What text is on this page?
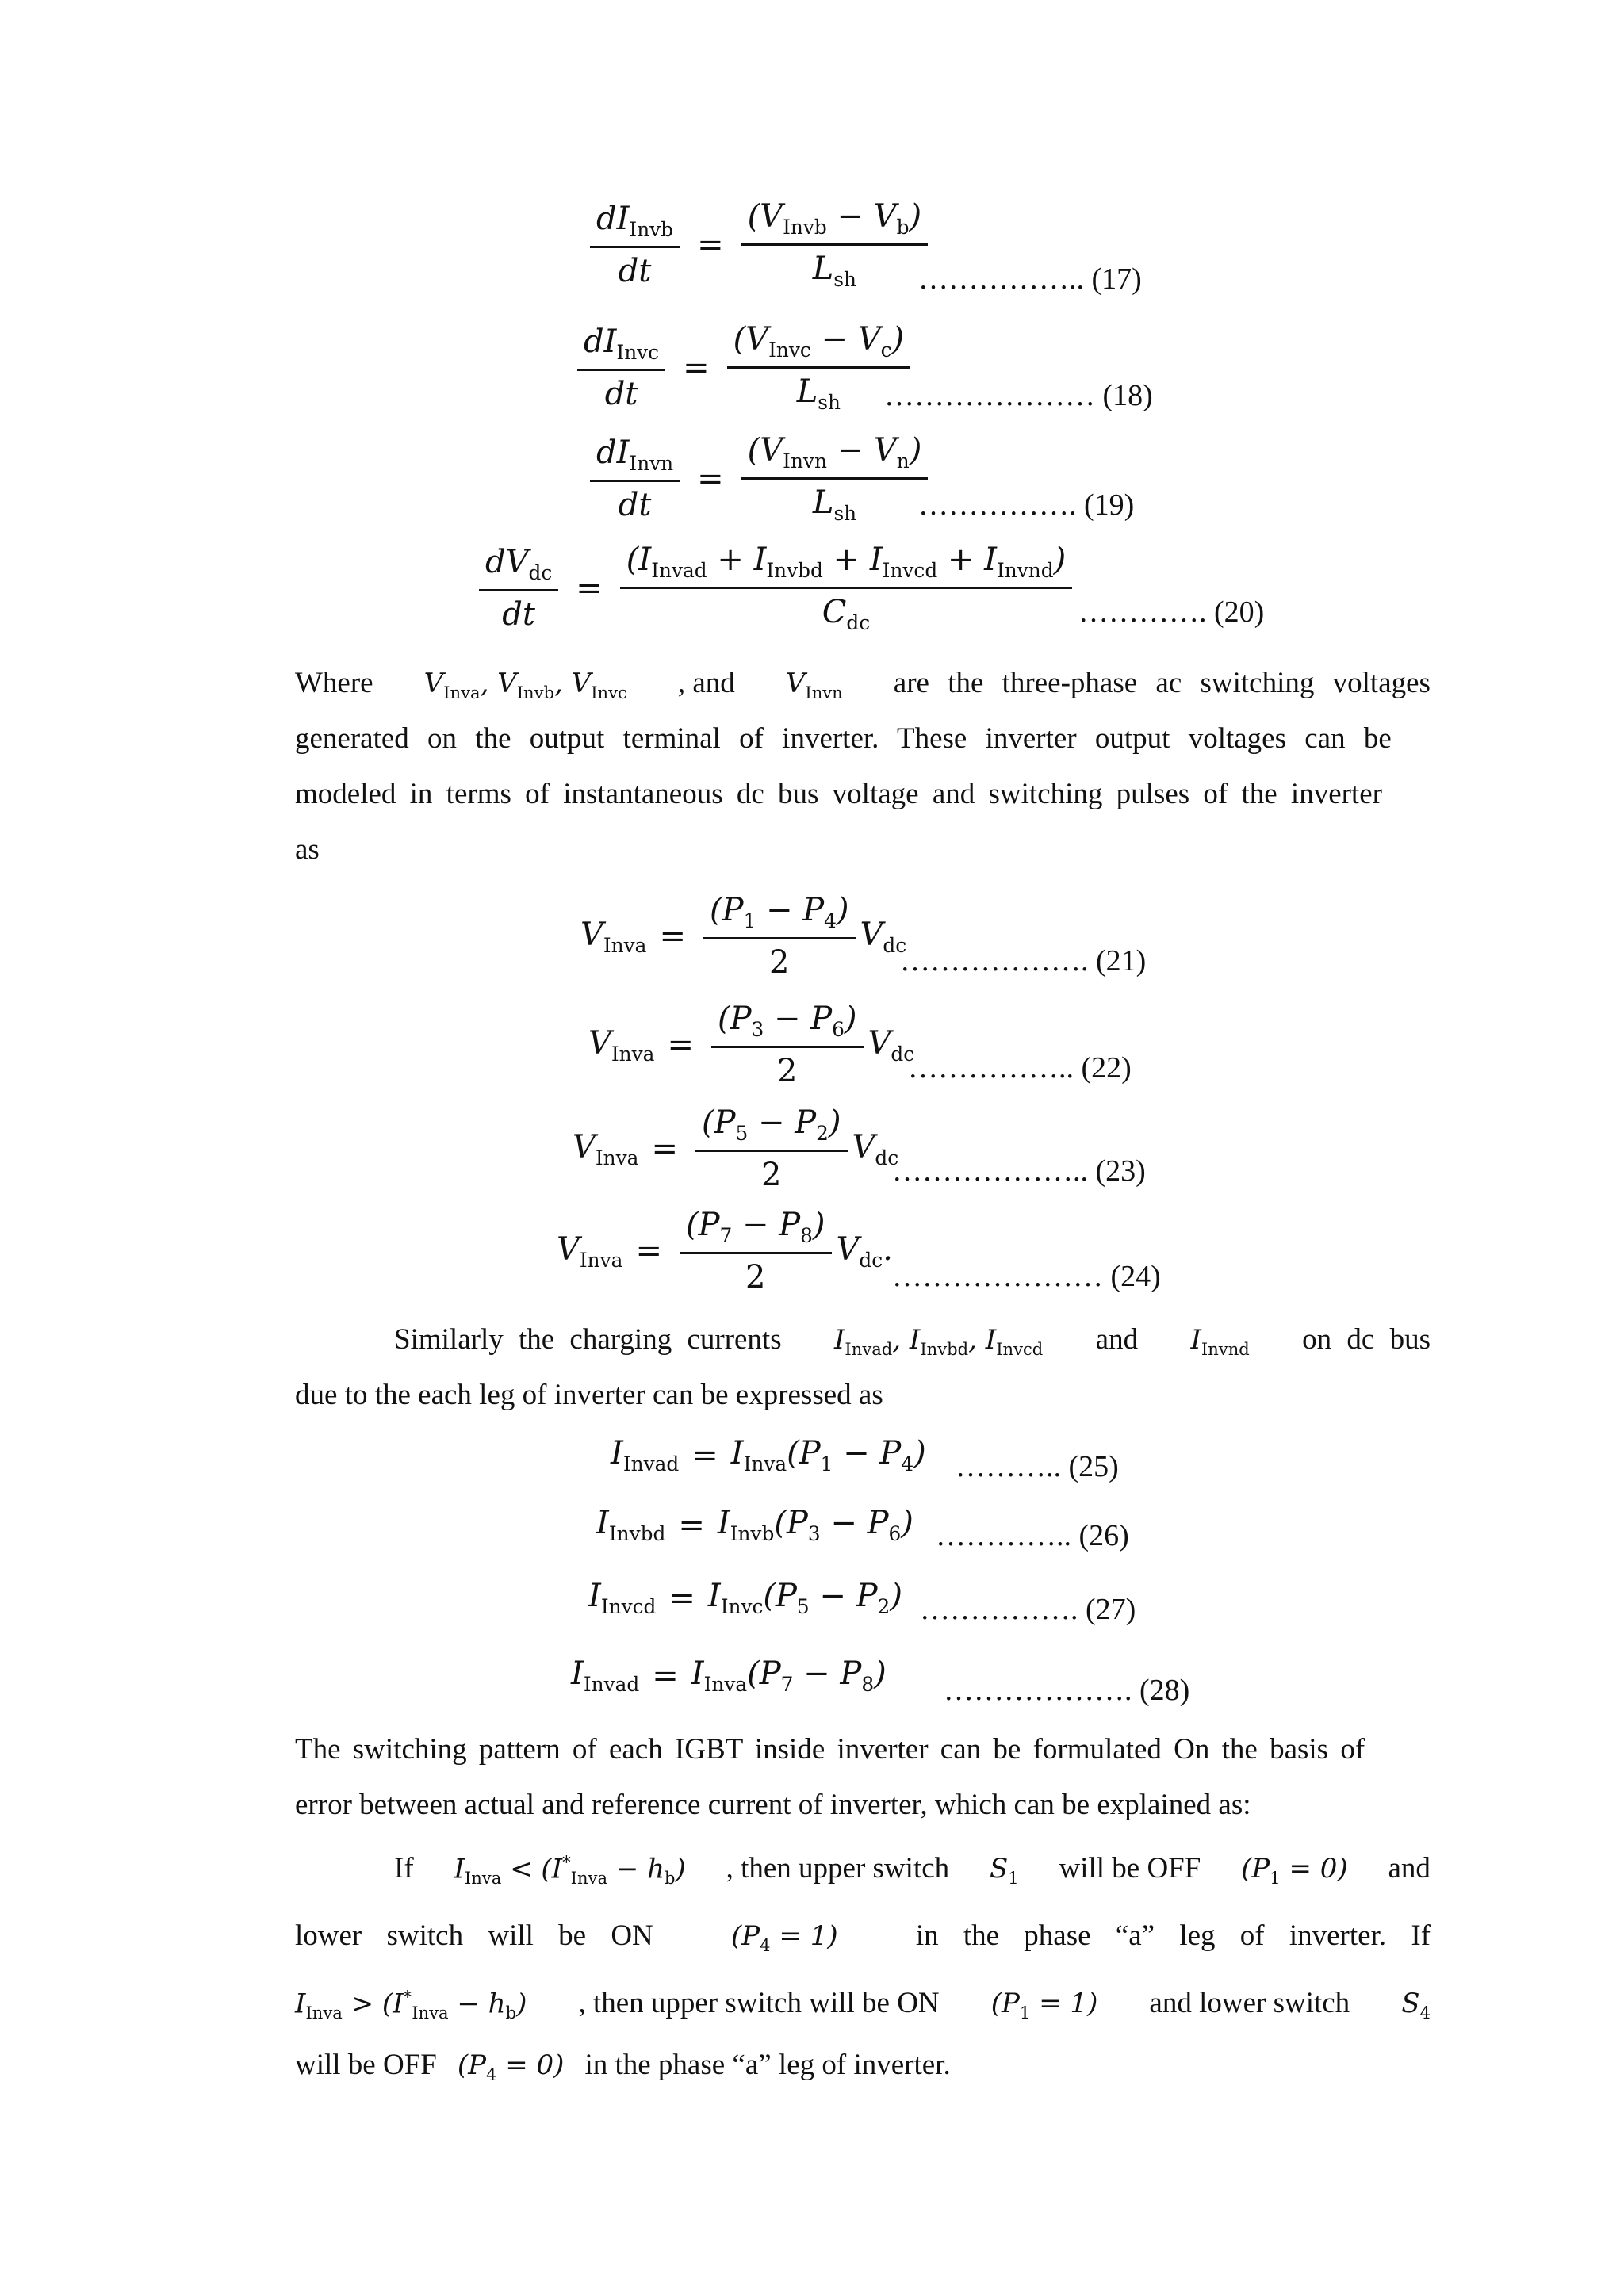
$\frac{dI_{Invb}}{dt} = \frac{(V_{Invb} - V_b)}{L_{sh}}$
…………….. (17)
$\frac{dI_{Invc}}{dt} = \frac{(V_{Invc} - V_c)}{L_{sh}}$
………………… (18)
$\frac{dI_{Invn}}{dt} = \frac{(V_{Invn} - V_n)}{L_{sh}}$
……………. (19)
$\frac{dV_{dc}}{dt} = \frac{(I_{Invad} + I_{Invbd} + I_{Invcd} + I_{Invnd})}{C_{dc}}$ …………. (20)
Where $V_{Inva}$, $V_{Invb}$, $V_{Invc}$ , and $V_{Invn}$ are the three-phase ac switching voltages
generated on the output terminal of inverter. These inverter output voltages can be
modeled in terms of instantaneous dc bus voltage and switching pulses of the inverter
as
$V_{Inva} = \frac{(P_1 - P_4)}{2} V_{dc}$
………………. (21)
$V_{Inva} = \frac{(P_3 - P_6)}{2} V_{dc}$
…………….. (22)
$V_{Inva} = \frac{(P_5 - P_2)}{2} V_{dc}$
……………….. (23)
$V_{Inva} = \frac{(P_7 - P_8)}{2} V_{dc}$.
………………… (24)
Similarly the charging currents $I_{Invad}$, $I_{Invbd}$, $I_{Invcd}$ and $I_{Invnd}$ on dc bus
due to the each leg of inverter can be expressed as
$I_{Invad} = I_{Inva}(P_1 - P_4)$ ……….. (25)
$I_{Invbd} = I_{Invb}(P_3 - P_6)$ ………….. (26)
$I_{Invcd} = I_{Invc}(P_5 - P_2)$ ……………. (27)
$I_{Invad} = I_{Inva}(P_7 - P_8)$ ………………. (28)
The switching pattern of each IGBT inside inverter can be formulated On the basis of
error between actual and reference current of inverter, which can be explained as:
If $I_{Inva} < (I^*_{Inva} - h_b)$ , then upper switch $S_1$ will be OFF $(P_1 = 0)$ and
lower switch will be ON	$(P_4 = 1)$	in the phase “a” leg of inverter. If
$I_{Inva} > (I^*_{Inva} - h_b)$ , then upper switch will be ON $(P_1 = 1)$ and lower switch $S_4$
will be OFF $(P_4 = 0)$ in the phase “a” leg of inverter.
